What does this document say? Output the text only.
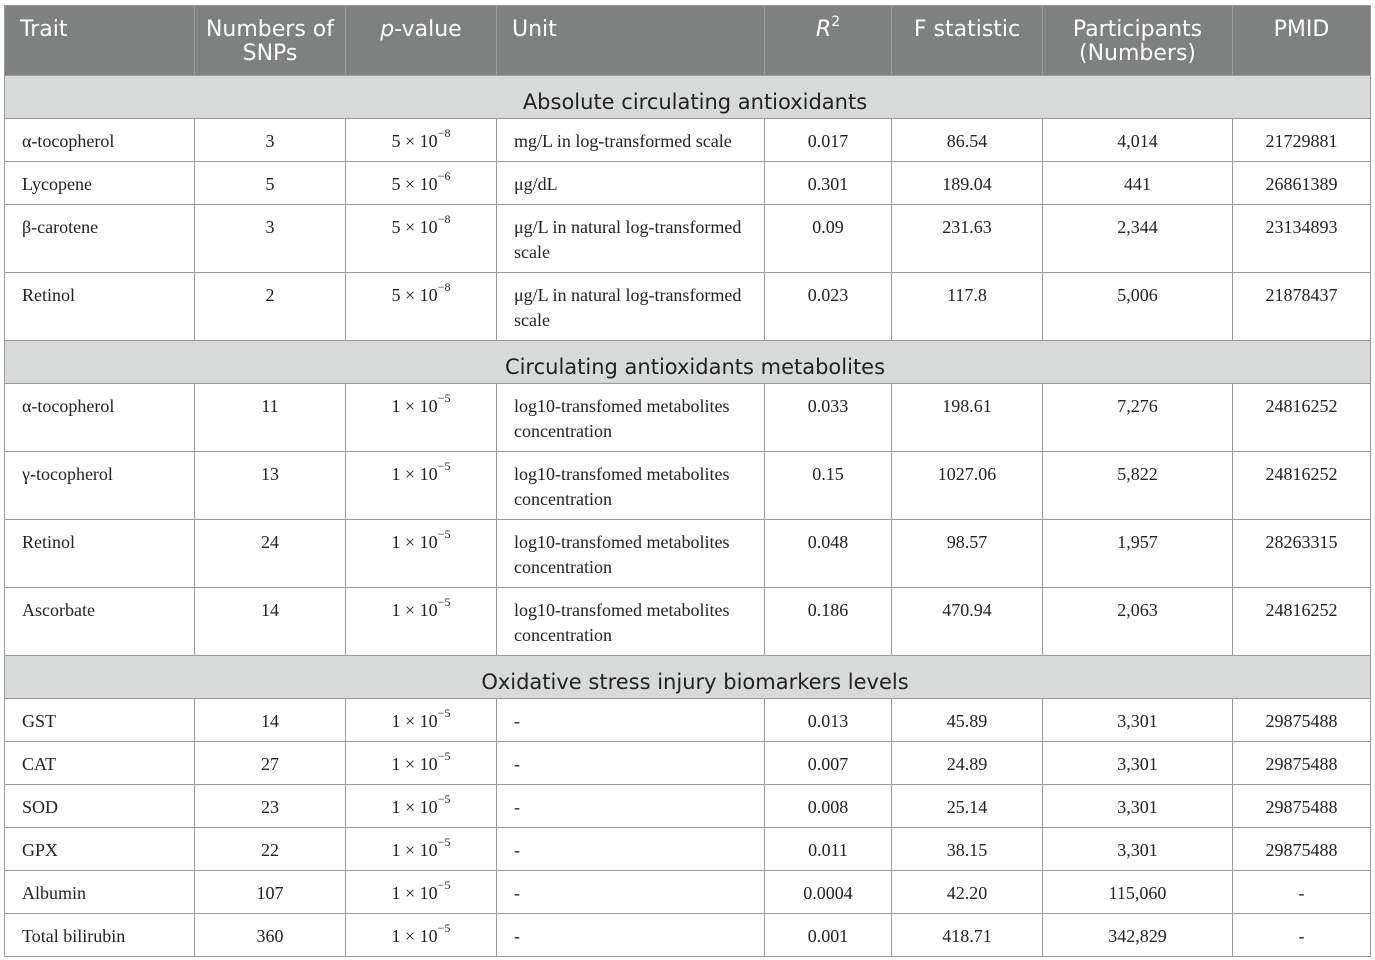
Trait	Numbers of SNPs	p-value	Unit	$R^2$	F statistic	Participants (Numbers)	PMID
Absolute circulating antioxidants							
α-tocopherol	3	$5 \times 10^{-8}$	mg/L in log-transformed scale	0.017	86.54	4,014	21729881
Lycopene	5	$5 \times 10^{-6}$	μg/dL	0.301	189.04	441	26861389
β-carotene	3	$5 \times 10^{-8}$	μg/L in natural log-transformed scale	0.09	231.63	2,344	23134893
Retinol	2	$5 \times 10^{-8}$	μg/L in natural log-transformed scale	0.023	117.8	5,006	21878437
Circulating antioxidants metabolites							
α-tocopherol	11	$1 \times 10^{-5}$	log10-transfomed metabolites concentration	0.033	198.61	7,276	24816252
γ-tocopherol	13	$1 \times 10^{-5}$	log10-transfomed metabolites concentration	0.15	1027.06	5,822	24816252
Retinol	24	$1 \times 10^{-5}$	log10-transfomed metabolites concentration	0.048	98.57	1,957	28263315
Ascorbate	14	$1 \times 10^{-5}$	log10-transfomed metabolites concentration	0.186	470.94	2,063	24816252
Oxidative stress injury biomarkers levels							
GST	14	$1 \times 10^{-5}$	-	0.013	45.89	3,301	29875488
CAT	27	$1 \times 10^{-5}$	-	0.007	24.89	3,301	29875488
SOD	23	$1 \times 10^{-5}$	-	0.008	25.14	3,301	29875488
GPX	22	$1 \times 10^{-5}$	-	0.011	38.15	3,301	29875488
Albumin	107	$1 \times 10^{-5}$	-	0.0004	42.20	115,060	-
Total bilirubin	360	$1 \times 10^{-5}$	-	0.001	418.71	342,829	-
